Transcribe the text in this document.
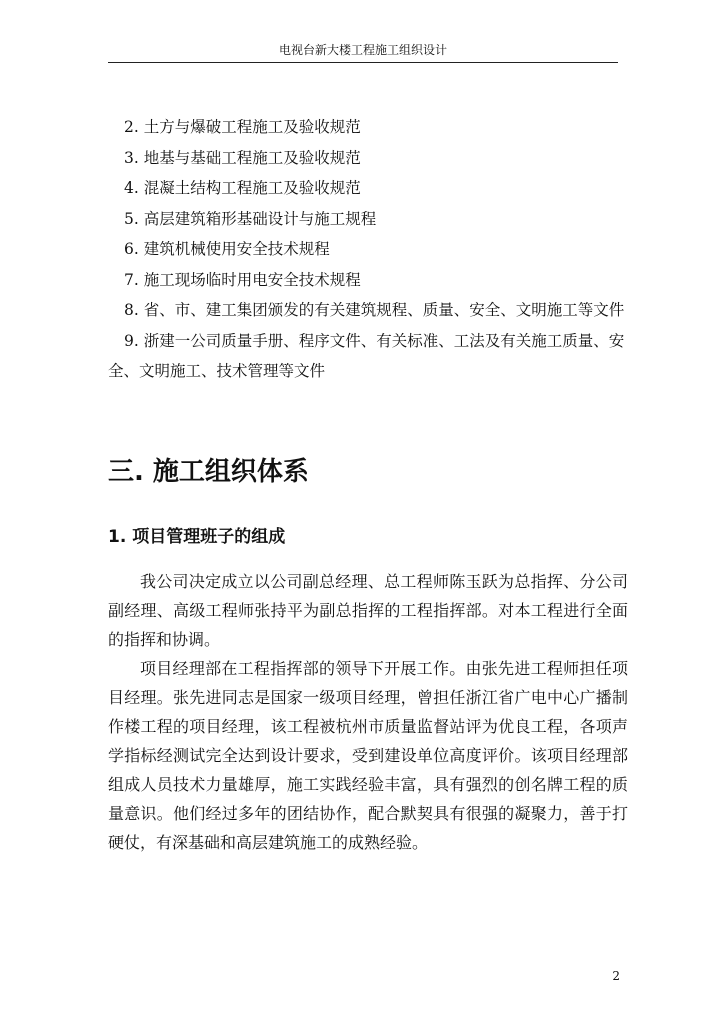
电视台新大楼工程施工组织设计
2. 土方与爆破工程施工及验收规范
3. 地基与基础工程施工及验收规范
4. 混凝土结构工程施工及验收规范
5. 高层建筑箱形基础设计与施工规程
6. 建筑机械使用安全技术规程
7. 施工现场临时用电安全技术规程
8. 省、市、建工集团颁发的有关建筑规程、质量、安全、文明施工等文件
9. 浙建一公司质量手册、程序文件、有关标准、工法及有关施工质量、安全、文明施工、技术管理等文件
三. 施工组织体系
1. 项目管理班子的组成

我公司决定成立以公司副总经理、总工程师陈玉跃为总指挥、分公司副经理、高级工程师张持平为副总指挥的工程指挥部。对本工程进行全面的指挥和协调。

项目经理部在工程指挥部的领导下开展工作。由张先进工程师担任项目经理。张先进同志是国家一级项目经理，曾担任浙江省广电中心广播制作楼工程的项目经理，该工程被杭州市质量监督站评为优良工程，各项声学指标经测试完全达到设计要求，受到建设单位高度评价。该项目经理部组成人员技术力量雄厚，施工实践经验丰富，具有强烈的创名牌工程的质量意识。他们经过多年的团结协作，配合默契具有很强的凝聚力，善于打硬仗，有深基础和高层建筑施工的成熟经验。

2
